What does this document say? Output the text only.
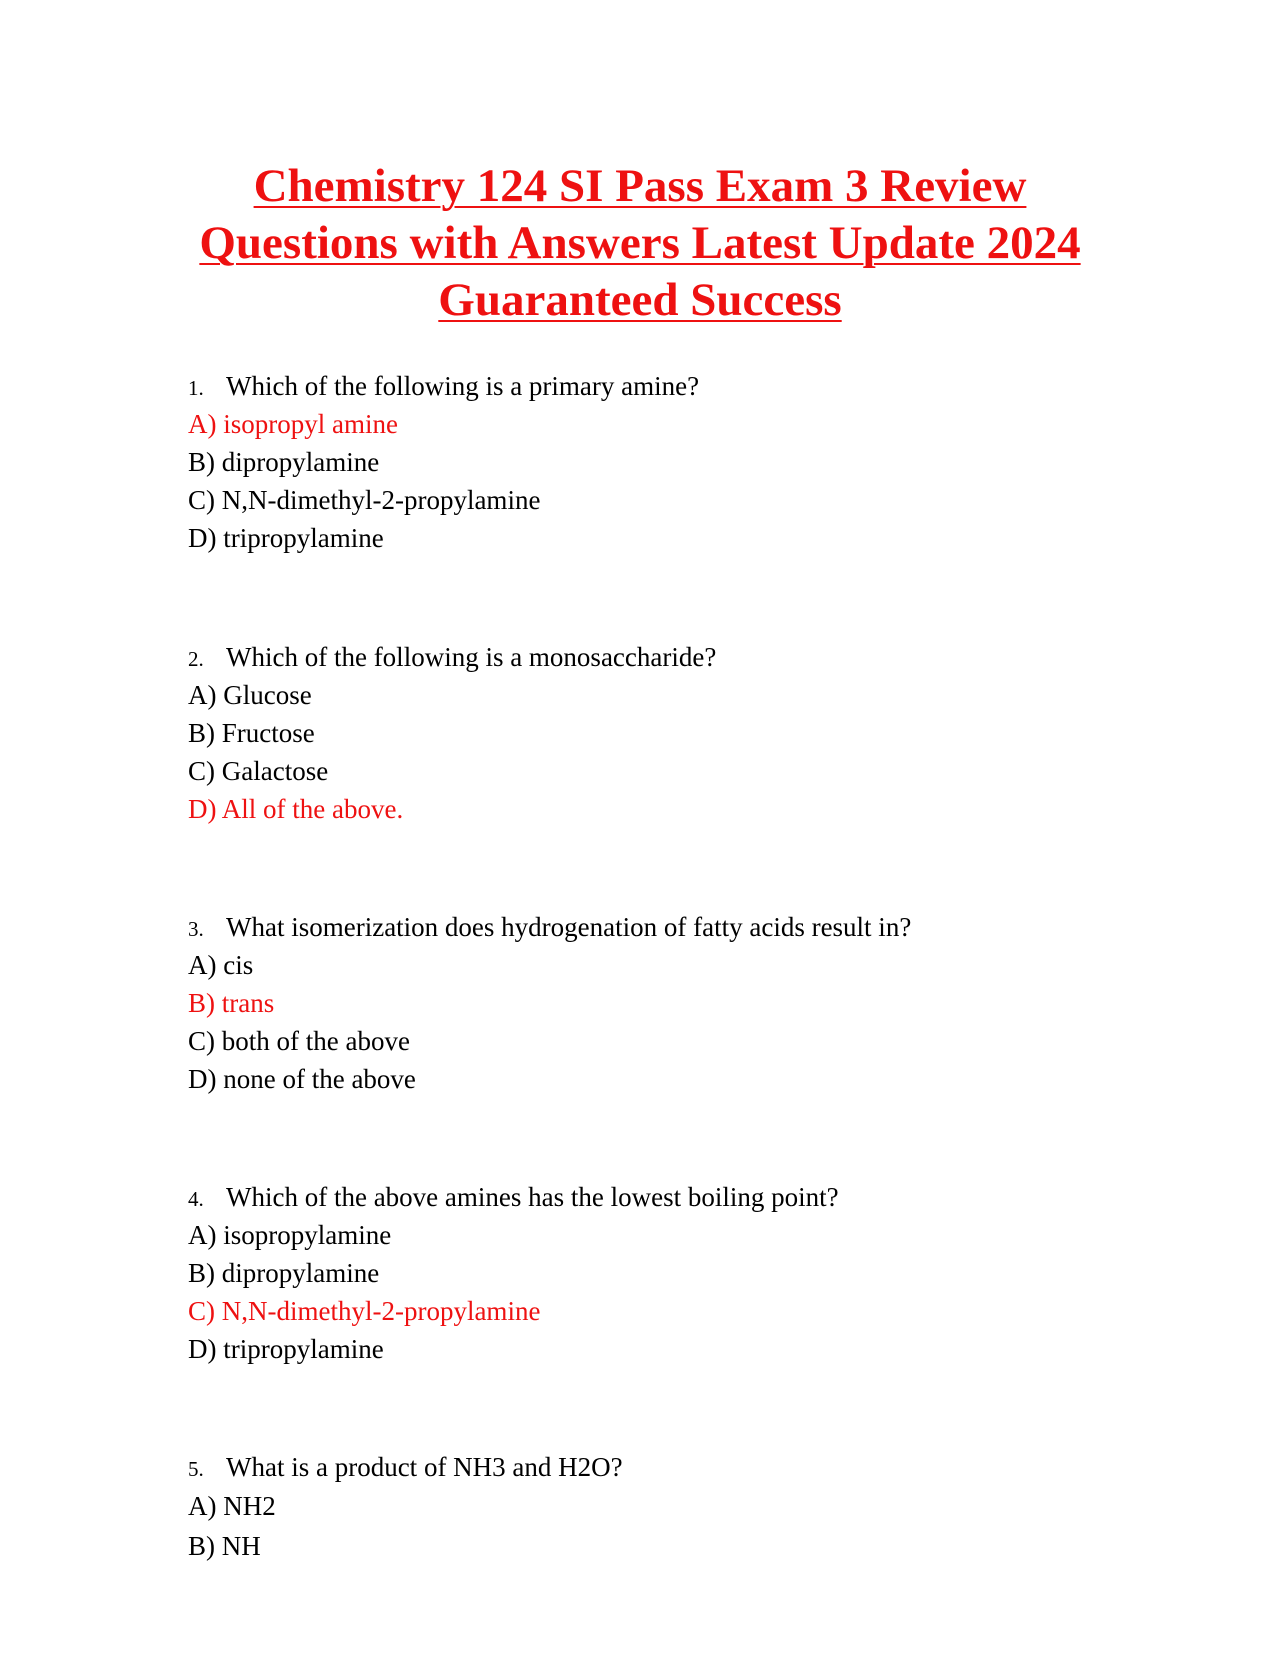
Chemistry 124 SI Pass Exam 3 Review
Questions with Answers Latest Update 2024
Guaranteed Success
1. Which of the following is a primary amine?
A) isopropyl amine
B) dipropylamine
C) N,N-dimethyl-2-propylamine
D) tripropylamine
2. Which of the following is a monosaccharide?
A) Glucose
B) Fructose
C) Galactose
D) All of the above.
3. What isomerization does hydrogenation of fatty acids result in?
A) cis
B) trans
C) both of the above
D) none of the above
4. Which of the above amines has the lowest boiling point?
A) isopropylamine
B) dipropylamine
C) N,N-dimethyl-2-propylamine
D) tripropylamine
5. What is a product of NH3 and H2O?
A) NH2
B) NH
